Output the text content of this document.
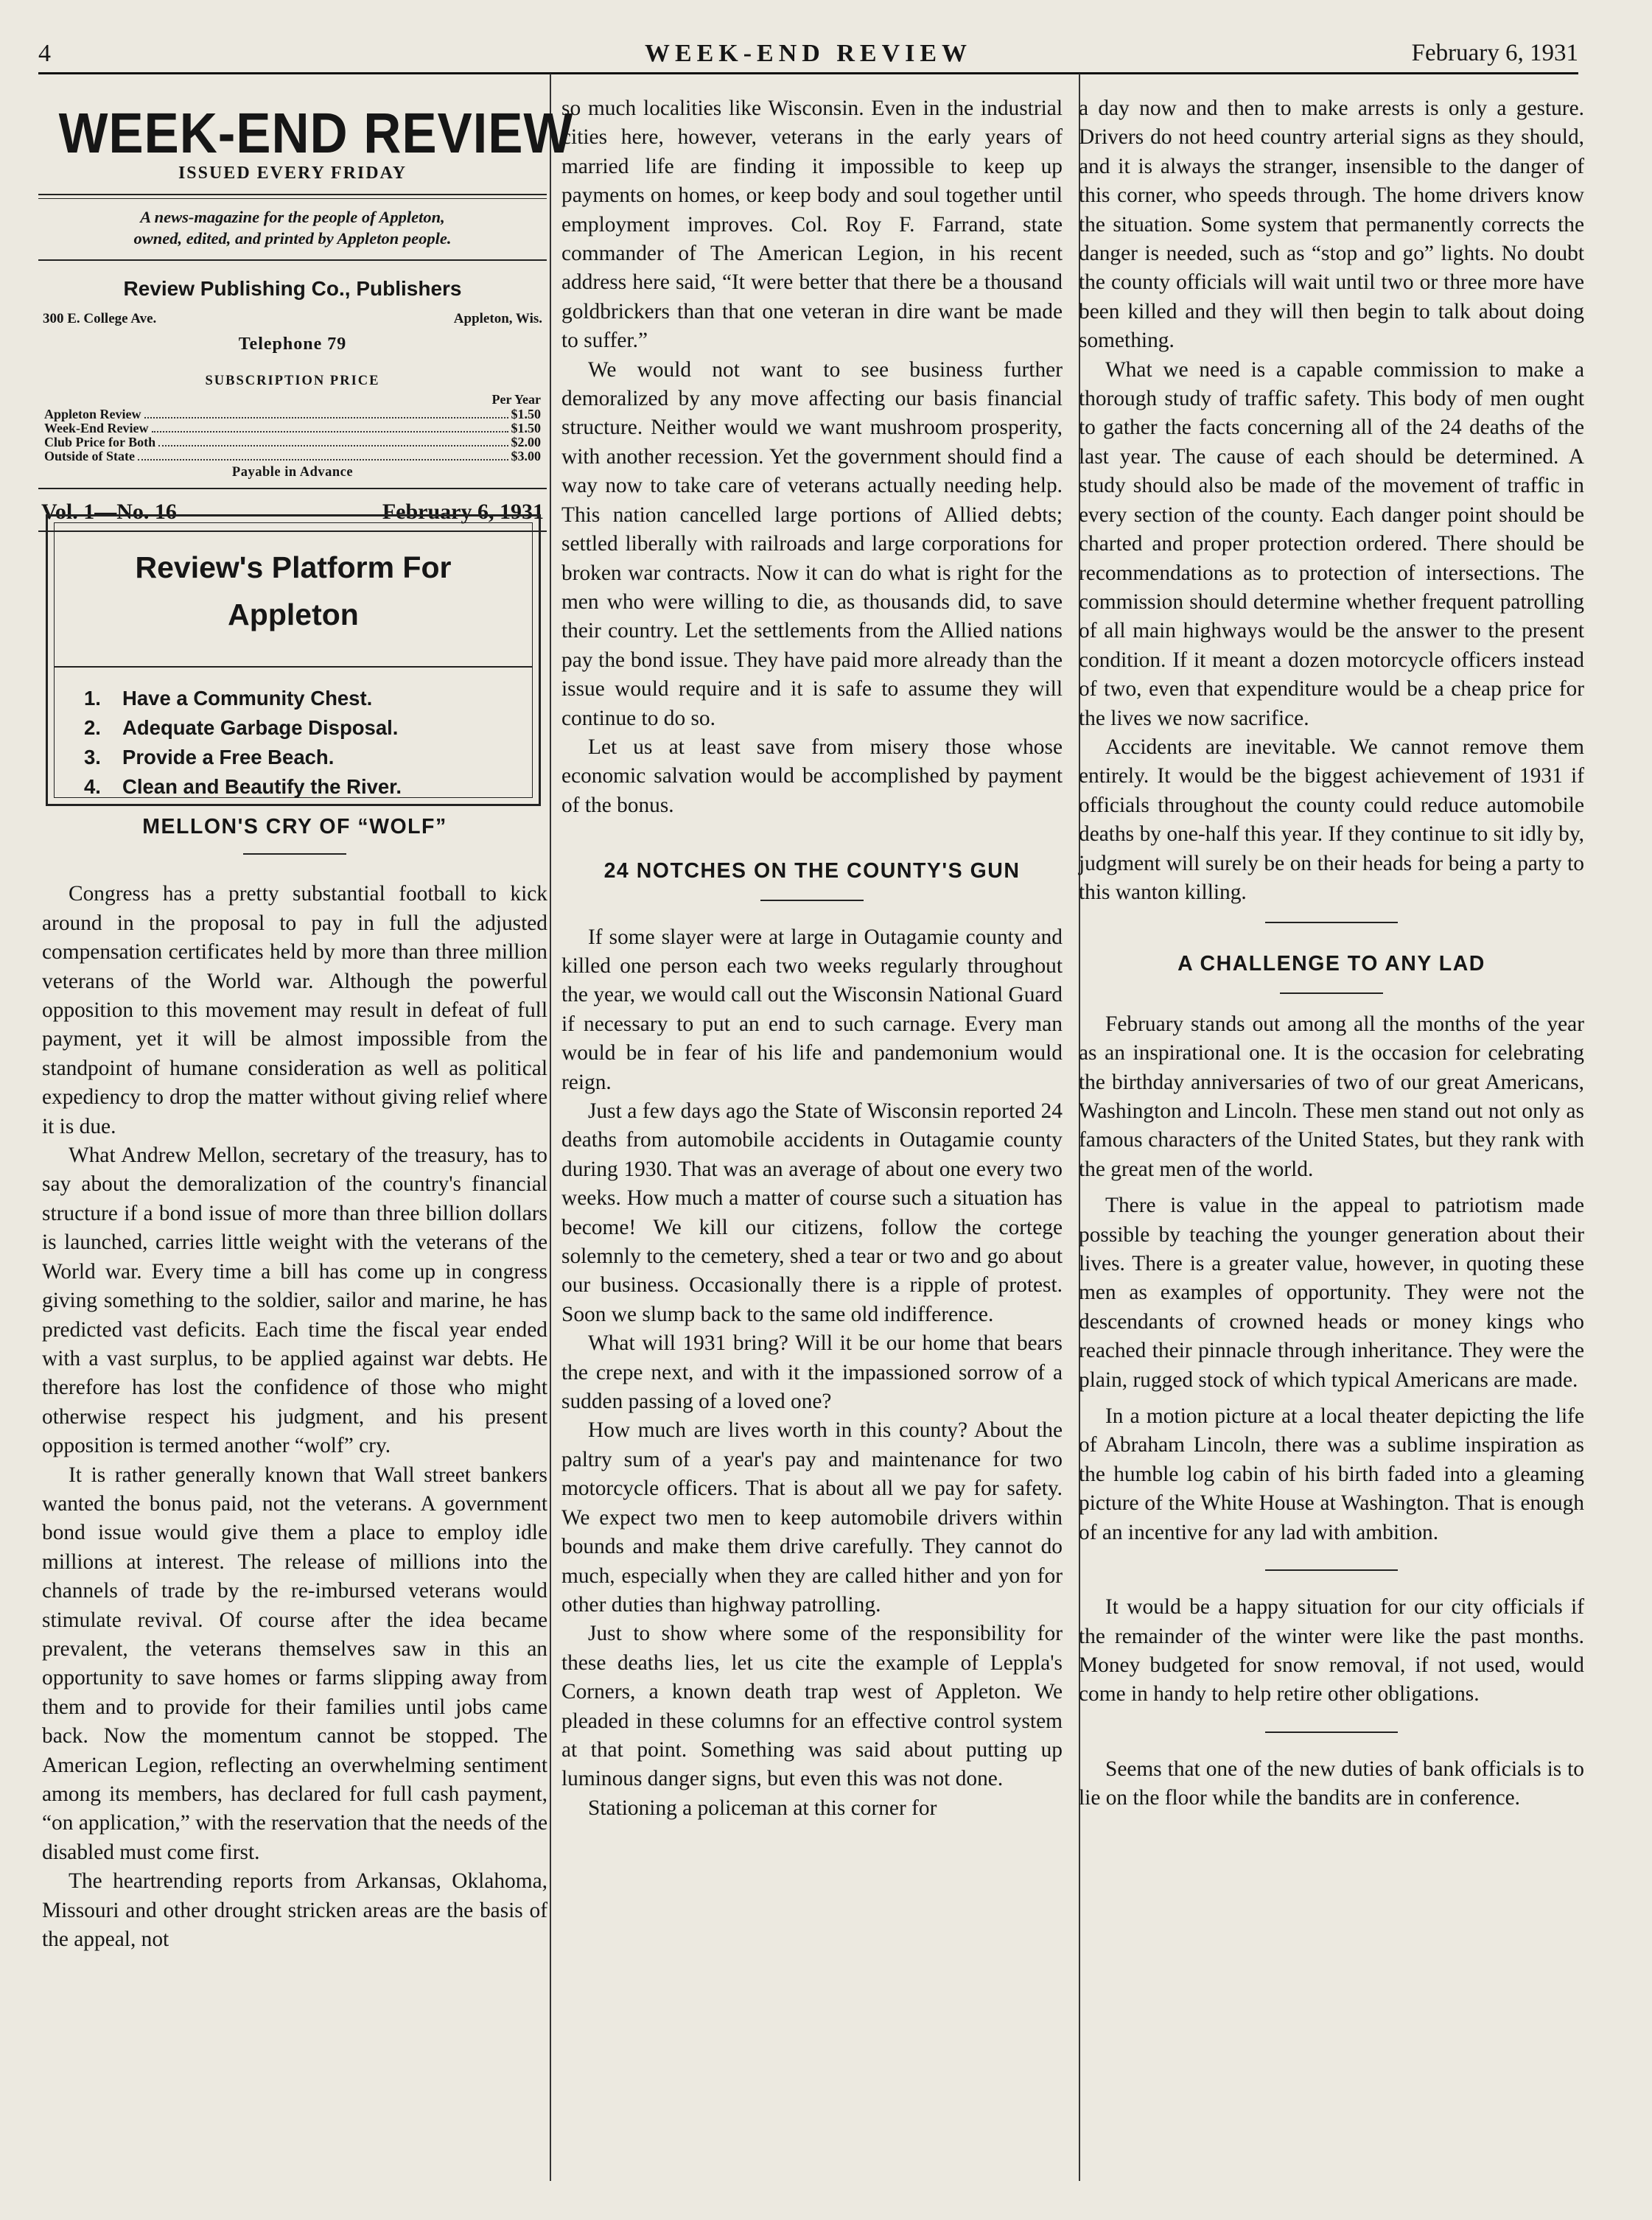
4	WEEK-END REVIEW	February 6, 1931
WEEK-END REVIEW
ISSUED EVERY FRIDAY
A news-magazine for the people of Appleton,
owned, edited, and printed by Appleton people.
Review Publishing Co., Publishers
300 E. College Ave.	Appleton, Wis.
Telephone 79
SUBSCRIPTION PRICE
Per Year
Appleton Review	$1.50
Week-End Review	$1.50
Club Price for Both	$2.00
Outside of State	$3.00
Payable in Advance
Vol. 1—No. 16	February 6, 1931
Review's Platform For
Appleton
1. Have a Community Chest.
2. Adequate Garbage Disposal.
3. Provide a Free Beach.
4. Clean and Beautify the River.
MELLON'S CRY OF “WOLF”

Congress has a pretty substantial football to kick around in the proposal to pay in full the adjusted compensation certificates held by more than three million veterans of the World war. Although the powerful opposition to this movement may result in defeat of full payment, yet it will be almost impossible from the standpoint of humane consideration as well as political expediency to drop the matter without giving relief where it is due.

What Andrew Mellon, secretary of the treasury, has to say about the demoralization of the country's financial structure if a bond issue of more than three billion dollars is launched, carries little weight with the veterans of the World war. Every time a bill has come up in congress giving something to the soldier, sailor and marine, he has predicted vast deficits. Each time the fiscal year ended with a vast surplus, to be applied against war debts. He therefore has lost the confidence of those who might otherwise respect his judgment, and his present opposition is termed another “wolf” cry.

It is rather generally known that Wall street bankers wanted the bonus paid, not the veterans. A government bond issue would give them a place to employ idle millions at interest. The release of millions into the channels of trade by the re-imbursed veterans would stimulate revival. Of course after the idea became prevalent, the veterans themselves saw in this an opportunity to save homes or farms slipping away from them and to provide for their families until jobs came back. Now the momentum cannot be stopped. The American Legion, reflecting an overwhelming sentiment among its members, has declared for full cash payment, “on application,” with the reservation that the needs of the disabled must come first.

The heartrending reports from Arkansas, Oklahoma, Missouri and other drought stricken areas are the basis of the appeal, not

so much localities like Wisconsin. Even in the industrial cities here, however, veterans in the early years of married life are finding it impossible to keep up payments on homes, or keep body and soul together until employment improves. Col. Roy F. Farrand, state commander of The American Legion, in his recent address here said, “It were better that there be a thousand goldbrickers than that one veteran in dire want be made to suffer.”

We would not want to see business further demoralized by any move affecting our basis financial structure. Neither would we want mushroom prosperity, with another recession. Yet the government should find a way now to take care of veterans actually needing help. This nation cancelled large portions of Allied debts; settled liberally with railroads and large corporations for broken war contracts. Now it can do what is right for the men who were willing to die, as thousands did, to save their country. Let the settlements from the Allied nations pay the bond issue. They have paid more already than the issue would require and it is safe to assume they will continue to do so.

Let us at least save from misery those whose economic salvation would be accomplished by payment of the bonus.

24 NOTCHES ON THE COUNTY'S GUN

If some slayer were at large in Outagamie county and killed one person each two weeks regularly throughout the year, we would call out the Wisconsin National Guard if necessary to put an end to such carnage. Every man would be in fear of his life and pandemonium would reign.

Just a few days ago the State of Wisconsin reported 24 deaths from automobile accidents in Outagamie county during 1930. That was an average of about one every two weeks. How much a matter of course such a situation has become! We kill our citizens, follow the cortege solemnly to the cemetery, shed a tear or two and go about our business. Occasionally there is a ripple of protest. Soon we slump back to the same old indifference.

What will 1931 bring? Will it be our home that bears the crepe next, and with it the impassioned sorrow of a sudden passing of a loved one?

How much are lives worth in this county? About the paltry sum of a year's pay and maintenance for two motorcycle officers. That is about all we pay for safety. We expect two men to keep automobile drivers within bounds and make them drive carefully. They cannot do much, especially when they are called hither and yon for other duties than highway patrolling.

Just to show where some of the responsibility for these deaths lies, let us cite the example of Leppla's Corners, a known death trap west of Appleton. We pleaded in these columns for an effective control system at that point. Something was said about putting up luminous danger signs, but even this was not done.

Stationing a policeman at this corner for

a day now and then to make arrests is only a gesture. Drivers do not heed country arterial signs as they should, and it is always the stranger, insensible to the danger of this corner, who speeds through. The home drivers know the situation. Some system that permanently corrects the danger is needed, such as “stop and go” lights. No doubt the county officials will wait until two or three more have been killed and they will then begin to talk about doing something.

What we need is a capable commission to make a thorough study of traffic safety. This body of men ought to gather the facts concerning all of the 24 deaths of the last year. The cause of each should be determined. A study should also be made of the movement of traffic in every section of the county. Each danger point should be charted and proper protection ordered. There should be recommendations as to protection of intersections. The commission should determine whether frequent patrolling of all main highways would be the answer to the present condition. If it meant a dozen motorcycle officers instead of two, even that expenditure would be a cheap price for the lives we now sacrifice.

Accidents are inevitable. We cannot remove them entirely. It would be the biggest achievement of 1931 if officials throughout the county could reduce automobile deaths by one-half this year. If they continue to sit idly by, judgment will surely be on their heads for being a party to this wanton killing.

A CHALLENGE TO ANY LAD

February stands out among all the months of the year as an inspirational one. It is the occasion for celebrating the birthday anniversaries of two of our great Americans, Washington and Lincoln. These men stand out not only as famous characters of the United States, but they rank with the great men of the world.

There is value in the appeal to patriotism made possible by teaching the younger generation about their lives. There is a greater value, however, in quoting these men as examples of opportunity. They were not the descendants of crowned heads or money kings who reached their pinnacle through inheritance. They were the plain, rugged stock of which typical Americans are made.

In a motion picture at a local theater depicting the life of Abraham Lincoln, there was a sublime inspiration as the humble log cabin of his birth faded into a gleaming picture of the White House at Washington. That is enough of an incentive for any lad with ambition.

It would be a happy situation for our city officials if the remainder of the winter were like the past months. Money budgeted for snow removal, if not used, would come in handy to help retire other obligations.

Seems that one of the new duties of bank officials is to lie on the floor while the bandits are in conference.
